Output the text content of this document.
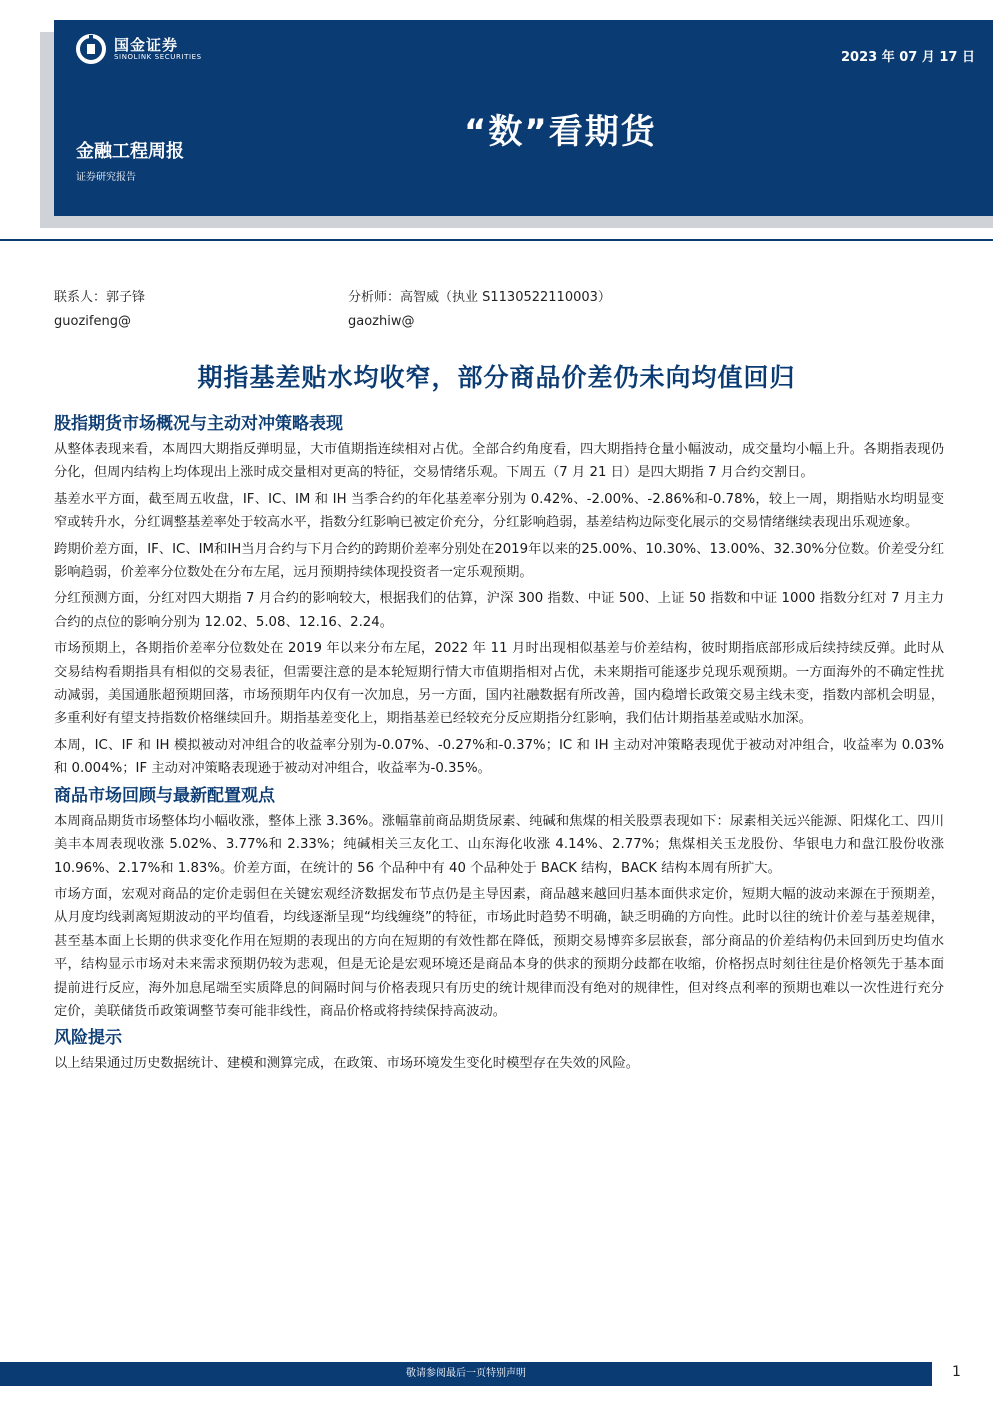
国金证券
SINOLINK SECURITIES	2023 年 07 月 17 日
“数”看期货
金融工程周报
证券研究报告
联系人：郭子锋
guozifeng@
分析师：高智威（执业 S1130522110003）
gaozhiw@
期指基差贴水均收窄，部分商品价差仍未向均值回归
股指期货市场概况与主动对冲策略表现

从整体表现来看，本周四大期指反弹明显，大市值期指连续相对占优。全部合约角度看，四大期指持仓量小幅波动，成交量均小幅上升。各期指表现仍分化，但周内结构上均体现出上涨时成交量相对更高的特征，交易情绪乐观。下周五（7 月 21 日）是四大期指 7 月合约交割日。

基差水平方面，截至周五收盘，IF、IC、IM 和 IH 当季合约的年化基差率分别为 0.42%、-2.00%、-2.86%和-0.78%，较上一周，期指贴水均明显变窄或转升水，分红调整基差率处于较高水平，指数分红影响已被定价充分，分红影响趋弱，基差结构边际变化展示的交易情绪继续表现出乐观迹象。

跨期价差方面，IF、IC、IM和IH当月合约与下月合约的跨期价差率分别处在2019年以来的25.00%、10.30%、13.00%、32.30%分位数。价差受分红影响趋弱，价差率分位数处在分布左尾，远月预期持续体现投资者一定乐观预期。

分红预测方面，分红对四大期指 7 月合约的影响较大，根据我们的估算，沪深 300 指数、中证 500、上证 50 指数和中证 1000 指数分红对 7 月主力合约的点位的影响分别为 12.02、5.08、12.16、2.24。

市场预期上，各期指价差率分位数处在 2019 年以来分布左尾，2022 年 11 月时出现相似基差与价差结构，彼时期指底部形成后续持续反弹。此时从交易结构看期指具有相似的交易表征，但需要注意的是本轮短期行情大市值期指相对占优，未来期指可能逐步兑现乐观预期。一方面海外的不确定性扰动减弱，美国通胀超预期回落，市场预期年内仅有一次加息，另一方面，国内社融数据有所改善，国内稳增长政策交易主线未变，指数内部机会明显，多重利好有望支持指数价格继续回升。期指基差变化上，期指基差已经较充分反应期指分红影响，我们估计期指基差或贴水加深。

本周，IC、IF 和 IH 模拟被动对冲组合的收益率分别为-0.07%、-0.27%和-0.37%；IC 和 IH 主动对冲策略表现优于被动对冲组合，收益率为 0.03%和 0.004%；IF 主动对冲策略表现逊于被动对冲组合，收益率为-0.35%。

商品市场回顾与最新配置观点

本周商品期货市场整体均小幅收涨，整体上涨 3.36%。涨幅靠前商品期货尿素、纯碱和焦煤的相关股票表现如下：尿素相关远兴能源、阳煤化工、四川美丰本周表现收涨 5.02%、3.77%和 2.33%；纯碱相关三友化工、山东海化收涨 4.14%、2.77%；焦煤相关玉龙股份、华银电力和盘江股份收涨 10.96%、2.17%和 1.83%。价差方面，在统计的 56 个品种中有 40 个品种处于 BACK 结构，BACK 结构本周有所扩大。

市场方面，宏观对商品的定价走弱但在关键宏观经济数据发布节点仍是主导因素，商品越来越回归基本面供求定价，短期大幅的波动来源在于预期差，从月度均线剥离短期波动的平均值看，均线逐渐呈现“均线缠绕”的特征，市场此时趋势不明确，缺乏明确的方向性。此时以往的统计价差与基差规律，甚至基本面上长期的供求变化作用在短期的表现出的方向在短期的有效性都在降低，预期交易博弈多层嵌套，部分商品的价差结构仍未回到历史均值水平，结构显示市场对未来需求预期仍较为悲观，但是无论是宏观环境还是商品本身的供求的预期分歧都在收缩，价格拐点时刻往往是价格领先于基本面提前进行反应，海外加息尾端至实质降息的间隔时间与价格表现只有历史的统计规律而没有绝对的规律性，但对终点利率的预期也难以一次性进行充分定价，美联储货币政策调整节奏可能非线性，商品价格或将持续保持高波动。

风险提示

以上结果通过历史数据统计、建模和测算完成，在政策、市场环境发生变化时模型存在失效的风险。

敬请参阅最后一页特别声明	1
